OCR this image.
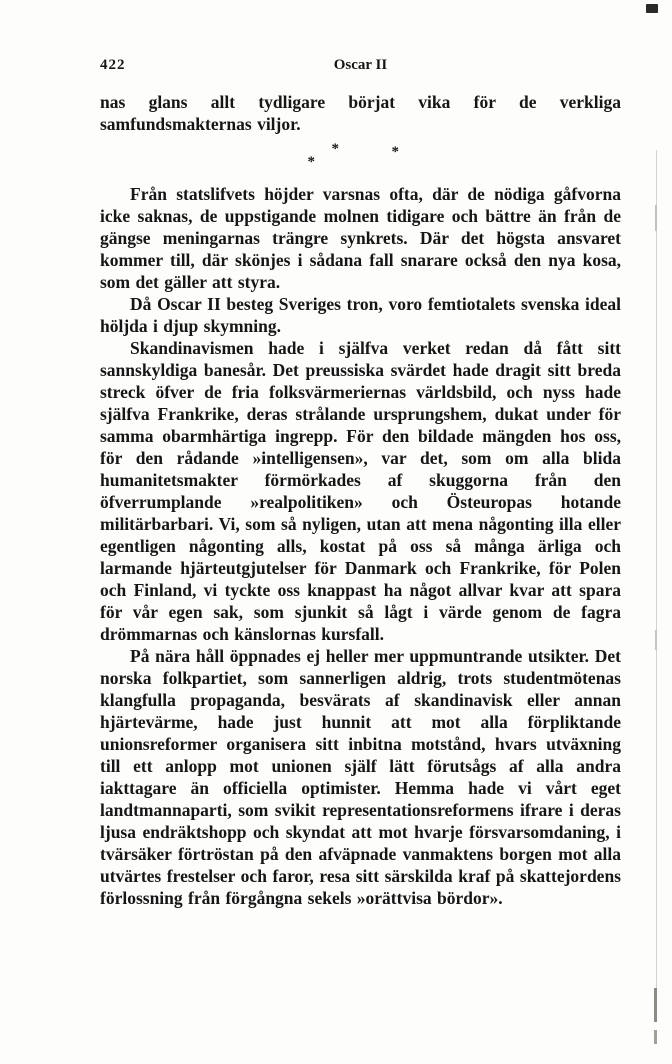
422	Oscar II

nas glans allt tydligare börjat vika för de verkliga samfundsmakternas viljor.

*	*
*

Från statslifvets höjder varsnas ofta, där de nödiga gåfvorna icke saknas, de uppstigande molnen tidigare och bättre än från de gängse meningarnas trängre synkrets. Där det högsta ansvaret kommer till, där skönjes i sådana fall snarare också den nya kosa, som det gäller att styra.

Då Oscar II besteg Sveriges tron, voro femtiotalets svenska ideal höljda i djup skymning.

Skandinavismen hade i själfva verket redan då fått sitt sannskyldiga banesår. Det preussiska svärdet hade dragit sitt breda streck öfver de fria folksvärmeriernas världsbild, och nyss hade själfva Frankrike, deras strålande ursprungshem, dukat under för samma obarmhärtiga ingrepp. För den bildade mängden hos oss, för den rådande »intelligensen», var det, som om alla blida humanitetsmakter förmörkades af skuggorna från den öfverrumplande »realpolitiken» och Östeuropas hotande militärbarbari. Vi, som så nyligen, utan att mena någonting illa eller egentligen någonting alls, kostat på oss så många ärliga och larmande hjärteutgjutelser för Danmark och Frankrike, för Polen och Finland, vi tyckte oss knappast ha något allvar kvar att spara för vår egen sak, som sjunkit så lågt i värde genom de fagra drömmarnas och känslornas kursfall.

På nära håll öppnades ej heller mer uppmuntrande utsikter. Det norska folkpartiet, som sannerligen aldrig, trots studentmötenas klangfulla propaganda, besvärats af skandinavisk eller annan hjärtevärme, hade just hunnit att mot alla förpliktande unionsreformer organisera sitt inbitna motstånd, hvars utväxning till ett anlopp mot unionen själf lätt förutsågs af alla andra iakttagare än officiella optimister. Hemma hade vi vårt eget landtmannaparti, som svikit representationsreformens ifrare i deras ljusa endräktshopp och skyndat att mot hvarje försvarsomdaning, i tvärsäker förtröstan på den afväpnade vanmaktens borgen mot alla utvärtes frestelser och faror, resa sitt särskilda kraf på skattejordens förlossning från förgångna sekels »orättvisa bördor».
